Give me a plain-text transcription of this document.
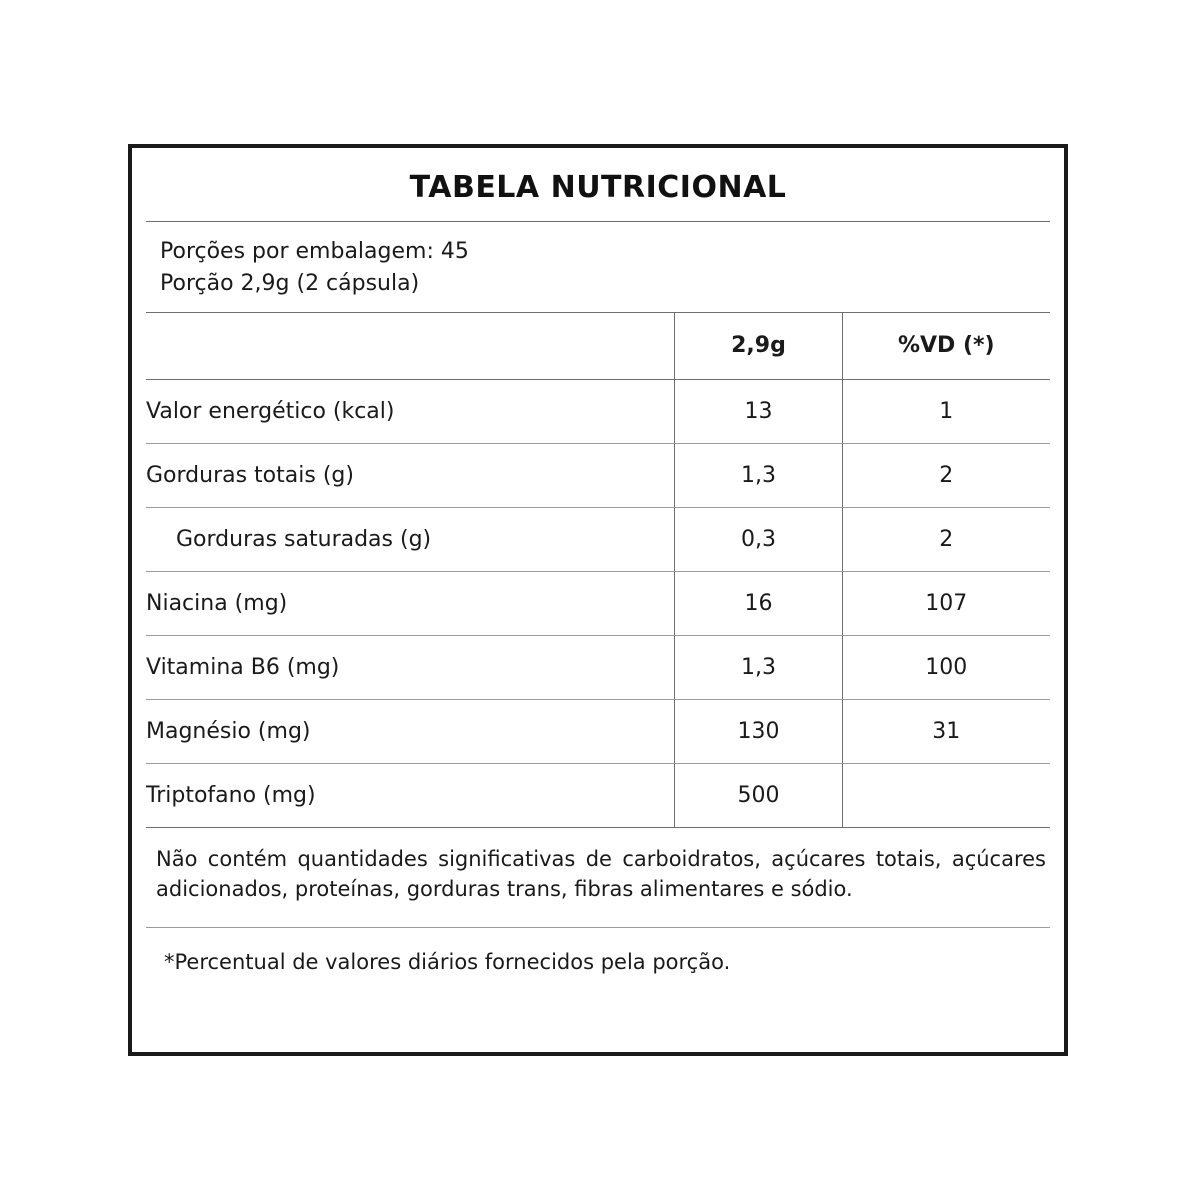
TABELA NUTRICIONAL
Porções por embalagem: 45
Porção 2,9g (2 cápsula)
	2,9g	%VD (*)
Valor energético (kcal)	13	1
Gorduras totais (g)	1,3	2
Gorduras saturadas (g)	0,3	2
Niacina (mg)	16	107
Vitamina B6 (mg)	1,3	100
Magnésio (mg)	130	31
Triptofano (mg)	500	
Não contém quantidades significativas de carboidratos, açúcares totais, açúcares adicionados, proteínas, gorduras trans, fibras alimentares e sódio.
*Percentual de valores diários fornecidos pela porção.
